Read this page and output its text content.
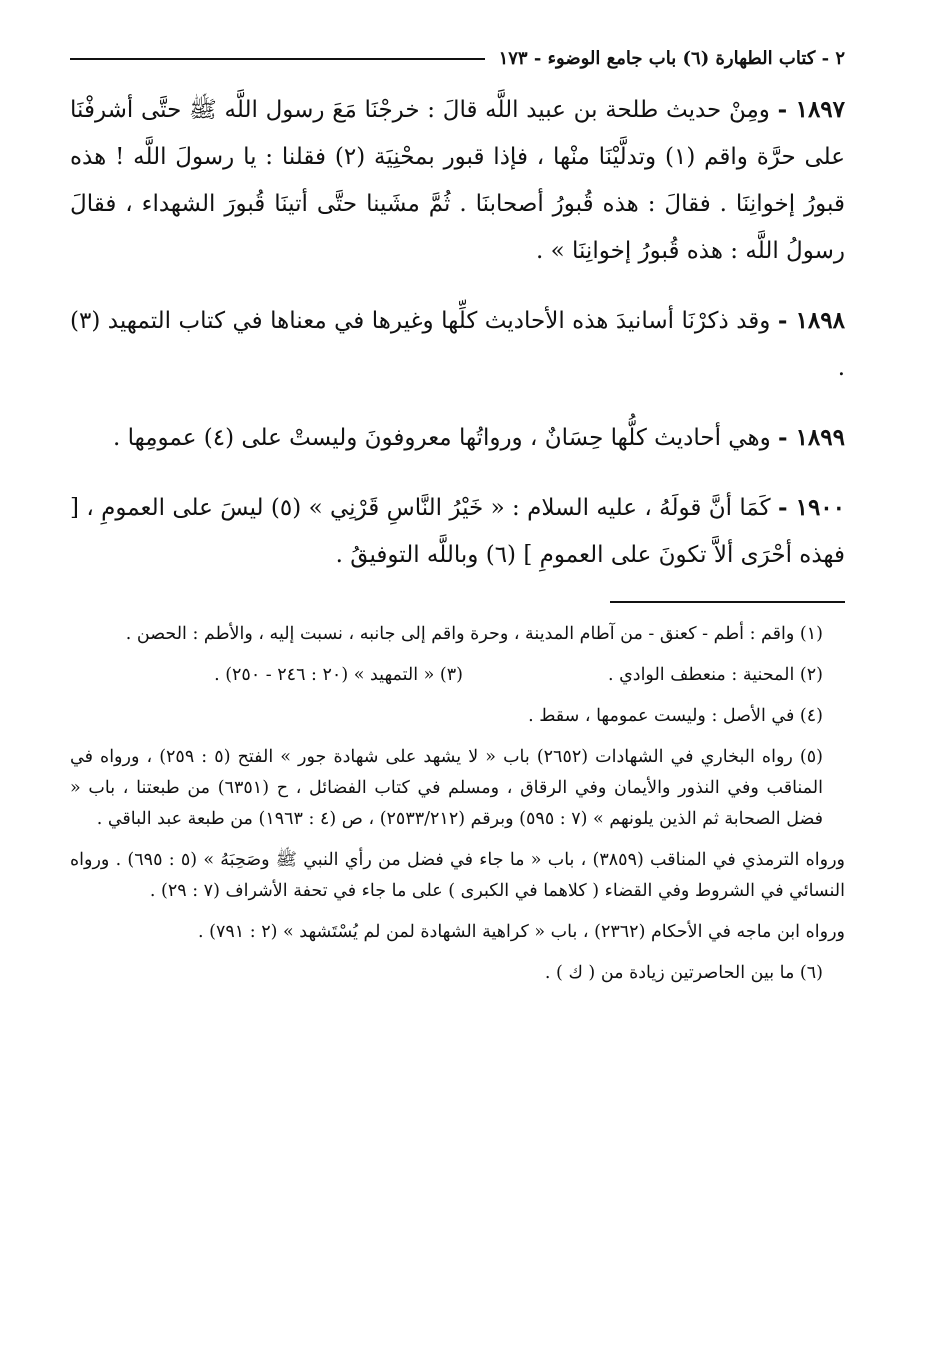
٢ - كتاب الطهارة (٦) باب جامع الوضوء - ١٧٣

١٨٩٧ - ومِنْ حديث طلحة بن عبيد اللَّه قالَ : خرجْنَا مَعَ رسول اللَّه ﷺ حتَّى أشرفْنَا على حرَّة واقم (١) وتدلَّيْنَا منْها ، فإذا قبور بمحْنِيَة (٢) فقلنا : يا رسولَ اللَّه ! هذه قبورُ إخوانِنَا . فقالَ : هذه قُبورُ أصحابنَا . ثُمَّ مشَينا حتَّى أتينَا قُبورَ الشهداء ، فقالَ رسولُ اللَّه : هذه قُبورُ إخوانِنَا » .

١٨٩٨ - وقد ذكرْنَا أسانيدَ هذه الأحاديث كلِّها وغيرها في معناها في كتاب التمهيد (٣) .

١٨٩٩ - وهي أحاديث كلُّها حِسَانٌ ، ورواتُها معروفونَ وليستْ على (٤) عمومِها .

١٩٠٠ - كَمَا أنَّ قولَهُ ، عليه السلام : « خَيْرُ النَّاسِ قَرْنِي » (٥) ليسَ على العمومِ ، [ فهذه أحْرَى ألاَّ تكونَ على العمومِ ] (٦) وباللَّه التوفيقُ .

(١) واقم : أطم - كعنق - من آطام المدينة ، وحرة واقم إلى جانبه ، نسبت إليه ، والأطم : الحصن .

(٢) المحنية : منعطف الوادي .
(٣) « التمهيد » (٢٠ : ٢٤٦ - ٢٥٠) .

(٤) في الأصل : وليست عمومها ، سقط .

(٥) رواه البخاري في الشهادات (٢٦٥٢) باب « لا يشهد على شهادة جور » الفتح (٥ : ٢٥٩) ، ورواه في المناقب وفي النذور والأيمان وفي الرقاق ، ومسلم في كتاب الفضائل ، ح (٦٣٥١) من طبعتنا ، باب « فضل الصحابة ثم الذين يلونهم » (٧ : ٥٩٥) وبرقم (٢٥٣٣/٢١٢) ، ص (٤ : ١٩٦٣) من طبعة عبد الباقي .

ورواه الترمذي في المناقب (٣٨٥٩) ، باب « ما جاء في فضل من رأي النبي ﷺ وصَحِبَهُ » (٥ : ٦٩٥) . ورواه النسائي في الشروط وفي القضاء ( كلاهما في الكبرى ) على ما جاء في تحفة الأشراف (٧ : ٢٩) .

ورواه ابن ماجه في الأحكام (٢٣٦٢) ، باب « كراهية الشهادة لمن لم يُسْتَشهد » (٢ : ٧٩١) .

(٦) ما بين الحاصرتين زيادة من ( ك ) .
